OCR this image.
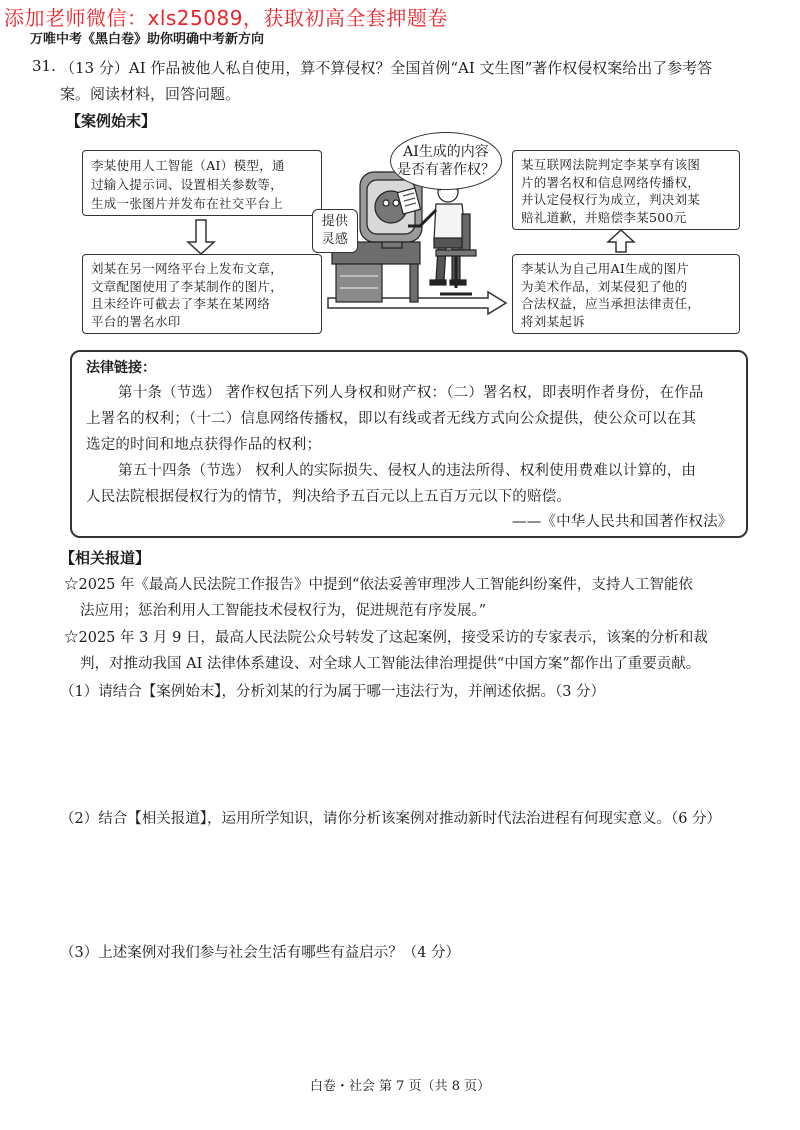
添加老师微信：xls25089，获取初高全套押题卷
万唯中考《黑白卷》助你明确中考新方向
31. （13 分）AI 作品被他人私自使用，算不算侵权？全国首例“AI 文生图”著作权侵权案给出了参考答
案。阅读材料，回答问题。
【案例始末】
李某使用人工智能（AI）模型，通
过输入提示词、设置相关参数等，
生成一张图片并发布在社交平台上
刘某在另一网络平台上发布文章，
文章配图使用了李某制作的图片，
且未经许可截去了李某在某网络
平台的署名水印
某互联网法院判定李某享有该图
片的署名权和信息网络传播权，
并认定侵权行为成立，判决刘某
赔礼道歉，并赔偿李某500元
李某认为自己用AI生成的图片
为美术作品，刘某侵犯了他的
合法权益，应当承担法律责任，
将刘某起诉
AI生成的内容
是否有著作权？
提供
灵感
法律链接：
第十条（节选） 著作权包括下列人身权和财产权：（二）署名权，即表明作者身份，在作品
上署名的权利；（十二）信息网络传播权，即以有线或者无线方式向公众提供，使公众可以在其
选定的时间和地点获得作品的权利；
第五十四条（节选） 权利人的实际损失、侵权人的违法所得、权利使用费难以计算的，由
人民法院根据侵权行为的情节，判决给予五百元以上五百万元以下的赔偿。
——《中华人民共和国著作权法》
【相关报道】
☆2025 年《最高人民法院工作报告》中提到“依法妥善审理涉人工智能纠纷案件，支持人工智能依
法应用；惩治利用人工智能技术侵权行为，促进规范有序发展。”
☆2025 年 3 月 9 日，最高人民法院公众号转发了这起案例，接受采访的专家表示，该案的分析和裁
判，对推动我国 AI 法律体系建设、对全球人工智能法律治理提供“中国方案”都作出了重要贡献。
（1）请结合【案例始末】，分析刘某的行为属于哪一违法行为，并阐述依据。（3 分）
（2）结合【相关报道】，运用所学知识，请你分析该案例对推动新时代法治进程有何现实意义。（6 分）
（3）上述案例对我们参与社会生活有哪些有益启示？（4 分）
白卷・社会 第 7 页（共 8 页）
